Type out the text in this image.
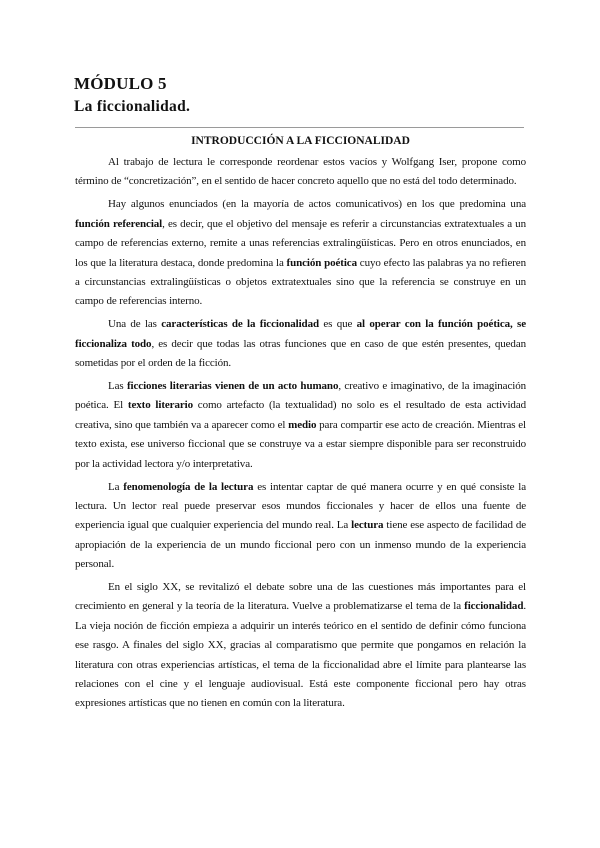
MÓDULO 5
La ficcionalidad.
INTRODUCCIÓN A LA FICCIONALIDAD

Al trabajo de lectura le corresponde reordenar estos vacíos y Wolfgang Iser, propone como término de “concretización”, en el sentido de hacer concreto aquello que no está del todo determinado.

Hay algunos enunciados (en la mayoría de actos comunicativos) en los que predomina una función referencial, es decir, que el objetivo del mensaje es referir a circunstancias extratextuales a un campo de referencias externo, remite a unas referencias extralingüísticas. Pero en otros enunciados, en los que la literatura destaca, donde predomina la función poética cuyo efecto las palabras ya no refieren a circunstancias extralingüísticas o objetos extratextuales sino que la referencia se construye en un campo de referencias interno.

Una de las características de la ficcionalidad es que al operar con la función poética, se ficcionaliza todo, es decir que todas las otras funciones que en caso de que estén presentes, quedan sometidas por el orden de la ficción.

Las ficciones literarias vienen de un acto humano, creativo e imaginativo, de la imaginación poética. El texto literario como artefacto (la textualidad) no solo es el resultado de esta actividad creativa, sino que también va a aparecer como el medio para compartir ese acto de creación. Mientras el texto exista, ese universo ficcional que se construye va a estar siempre disponible para ser reconstruido por la actividad lectora y/o interpretativa.

La fenomenología de la lectura es intentar captar de qué manera ocurre y en qué consiste la lectura. Un lector real puede preservar esos mundos ficcionales y hacer de ellos una fuente de experiencia igual que cualquier experiencia del mundo real. La lectura tiene ese aspecto de facilidad de apropiación de la experiencia de un mundo ficcional pero con un inmenso mundo de la experiencia personal.

En el siglo XX, se revitalizó el debate sobre una de las cuestiones más importantes para el crecimiento en general y la teoría de la literatura. Vuelve a problematizarse el tema de la ficcionalidad. La vieja noción de ficción empieza a adquirir un interés teórico en el sentido de definir cómo funciona ese rasgo. A finales del siglo XX, gracias al comparatismo que permite que pongamos en relación la literatura con otras experiencias artísticas, el tema de la ficcionalidad abre el límite para plantearse las relaciones con el cine y el lenguaje audiovisual. Está este componente ficcional pero hay otras expresiones artísticas que no tienen en común con la literatura.
